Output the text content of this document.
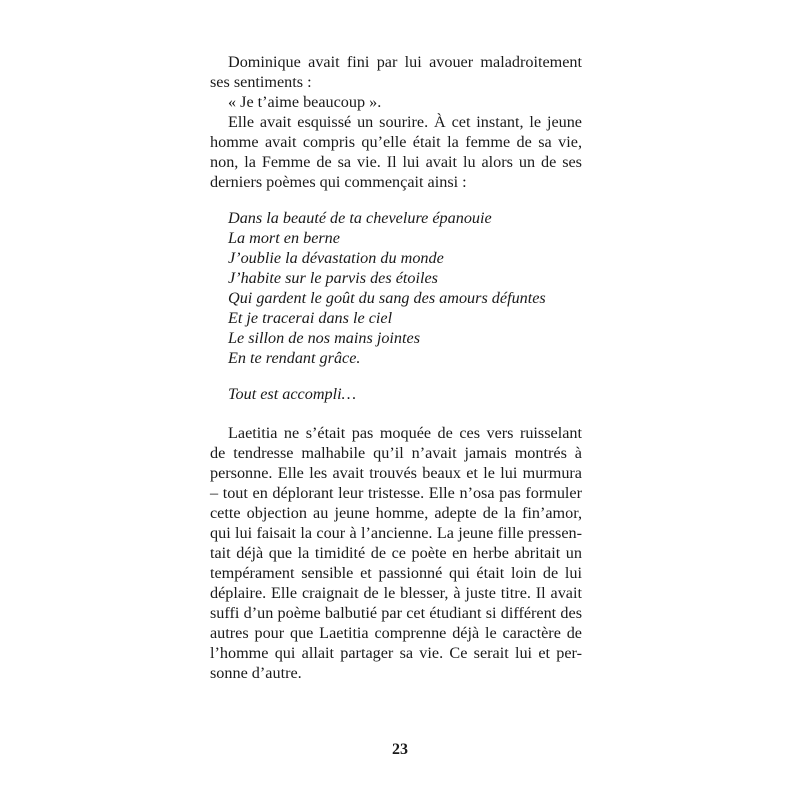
Dominique avait fini par lui avouer maladroitement
ses sentiments :
« Je t’aime beaucoup ».
Elle avait esquissé un sourire. À cet instant, le jeune
homme avait compris qu’elle était la femme de sa vie,
non, la Femme de sa vie. Il lui avait lu alors un de ses
derniers poèmes qui commençait ainsi :
Dans la beauté de ta chevelure épanouie
La mort en berne
J’oublie la dévastation du monde
J’habite sur le parvis des étoiles
Qui gardent le goût du sang des amours défuntes
Et je tracerai dans le ciel
Le sillon de nos mains jointes
En te rendant grâce.
Tout est accompli…
Laetitia ne s’était pas moquée de ces vers ruisselant
de tendresse malhabile qu’il n’avait jamais montrés à
personne. Elle les avait trouvés beaux et le lui murmura
– tout en déplorant leur tristesse. Elle n’osa pas formuler
cette objection au jeune homme, adepte de la fin’amor,
qui lui faisait la cour à l’ancienne. La jeune fille pressen-
tait déjà que la timidité de ce poète en herbe abritait un
tempérament sensible et passionné qui était loin de lui
déplaire. Elle craignait de le blesser, à juste titre. Il avait
suffi d’un poème balbutié par cet étudiant si différent des
autres pour que Laetitia comprenne déjà le caractère de
l’homme qui allait partager sa vie. Ce serait lui et per-
sonne d’autre.
23
